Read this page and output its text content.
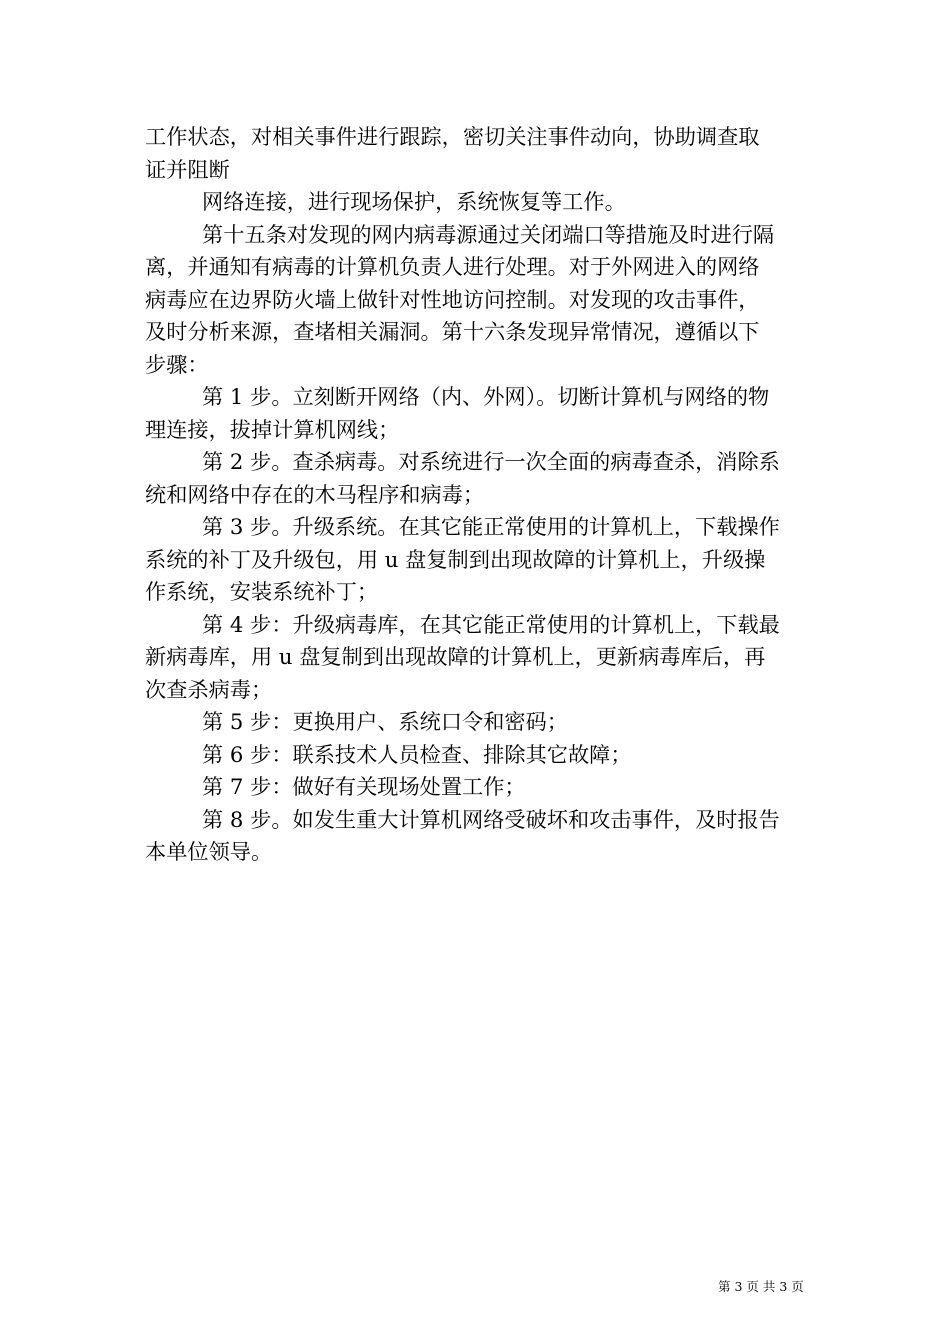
工作状态，对相关事件进行跟踪，密切关注事件动向，协助调查取
证并阻断
网络连接，进行现场保护，系统恢复等工作。
第十五条对发现的网内病毒源通过关闭端口等措施及时进行隔
离，并通知有病毒的计算机负责人进行处理。对于外网进入的网络
病毒应在边界防火墙上做针对性地访问控制。对发现的攻击事件，
及时分析来源，查堵相关漏洞。第十六条发现异常情况，遵循以下
步骤：
第 1 步。立刻断开网络（内、外网）。切断计算机与网络的物
理连接，拔掉计算机网线；
第 2 步。查杀病毒。对系统进行一次全面的病毒查杀，消除系
统和网络中存在的木马程序和病毒；
第 3 步。升级系统。在其它能正常使用的计算机上，下载操作
系统的补丁及升级包，用 u 盘复制到出现故障的计算机上，升级操
作系统，安装系统补丁；
第 4 步：升级病毒库，在其它能正常使用的计算机上，下载最
新病毒库，用 u 盘复制到出现故障的计算机上，更新病毒库后，再
次查杀病毒；
第 5 步：更换用户、系统口令和密码；
第 6 步：联系技术人员检查、排除其它故障；
第 7 步：做好有关现场处置工作；
第 8 步。如发生重大计算机网络受破坏和攻击事件，及时报告
本单位领导。
第 3 页 共 3 页
